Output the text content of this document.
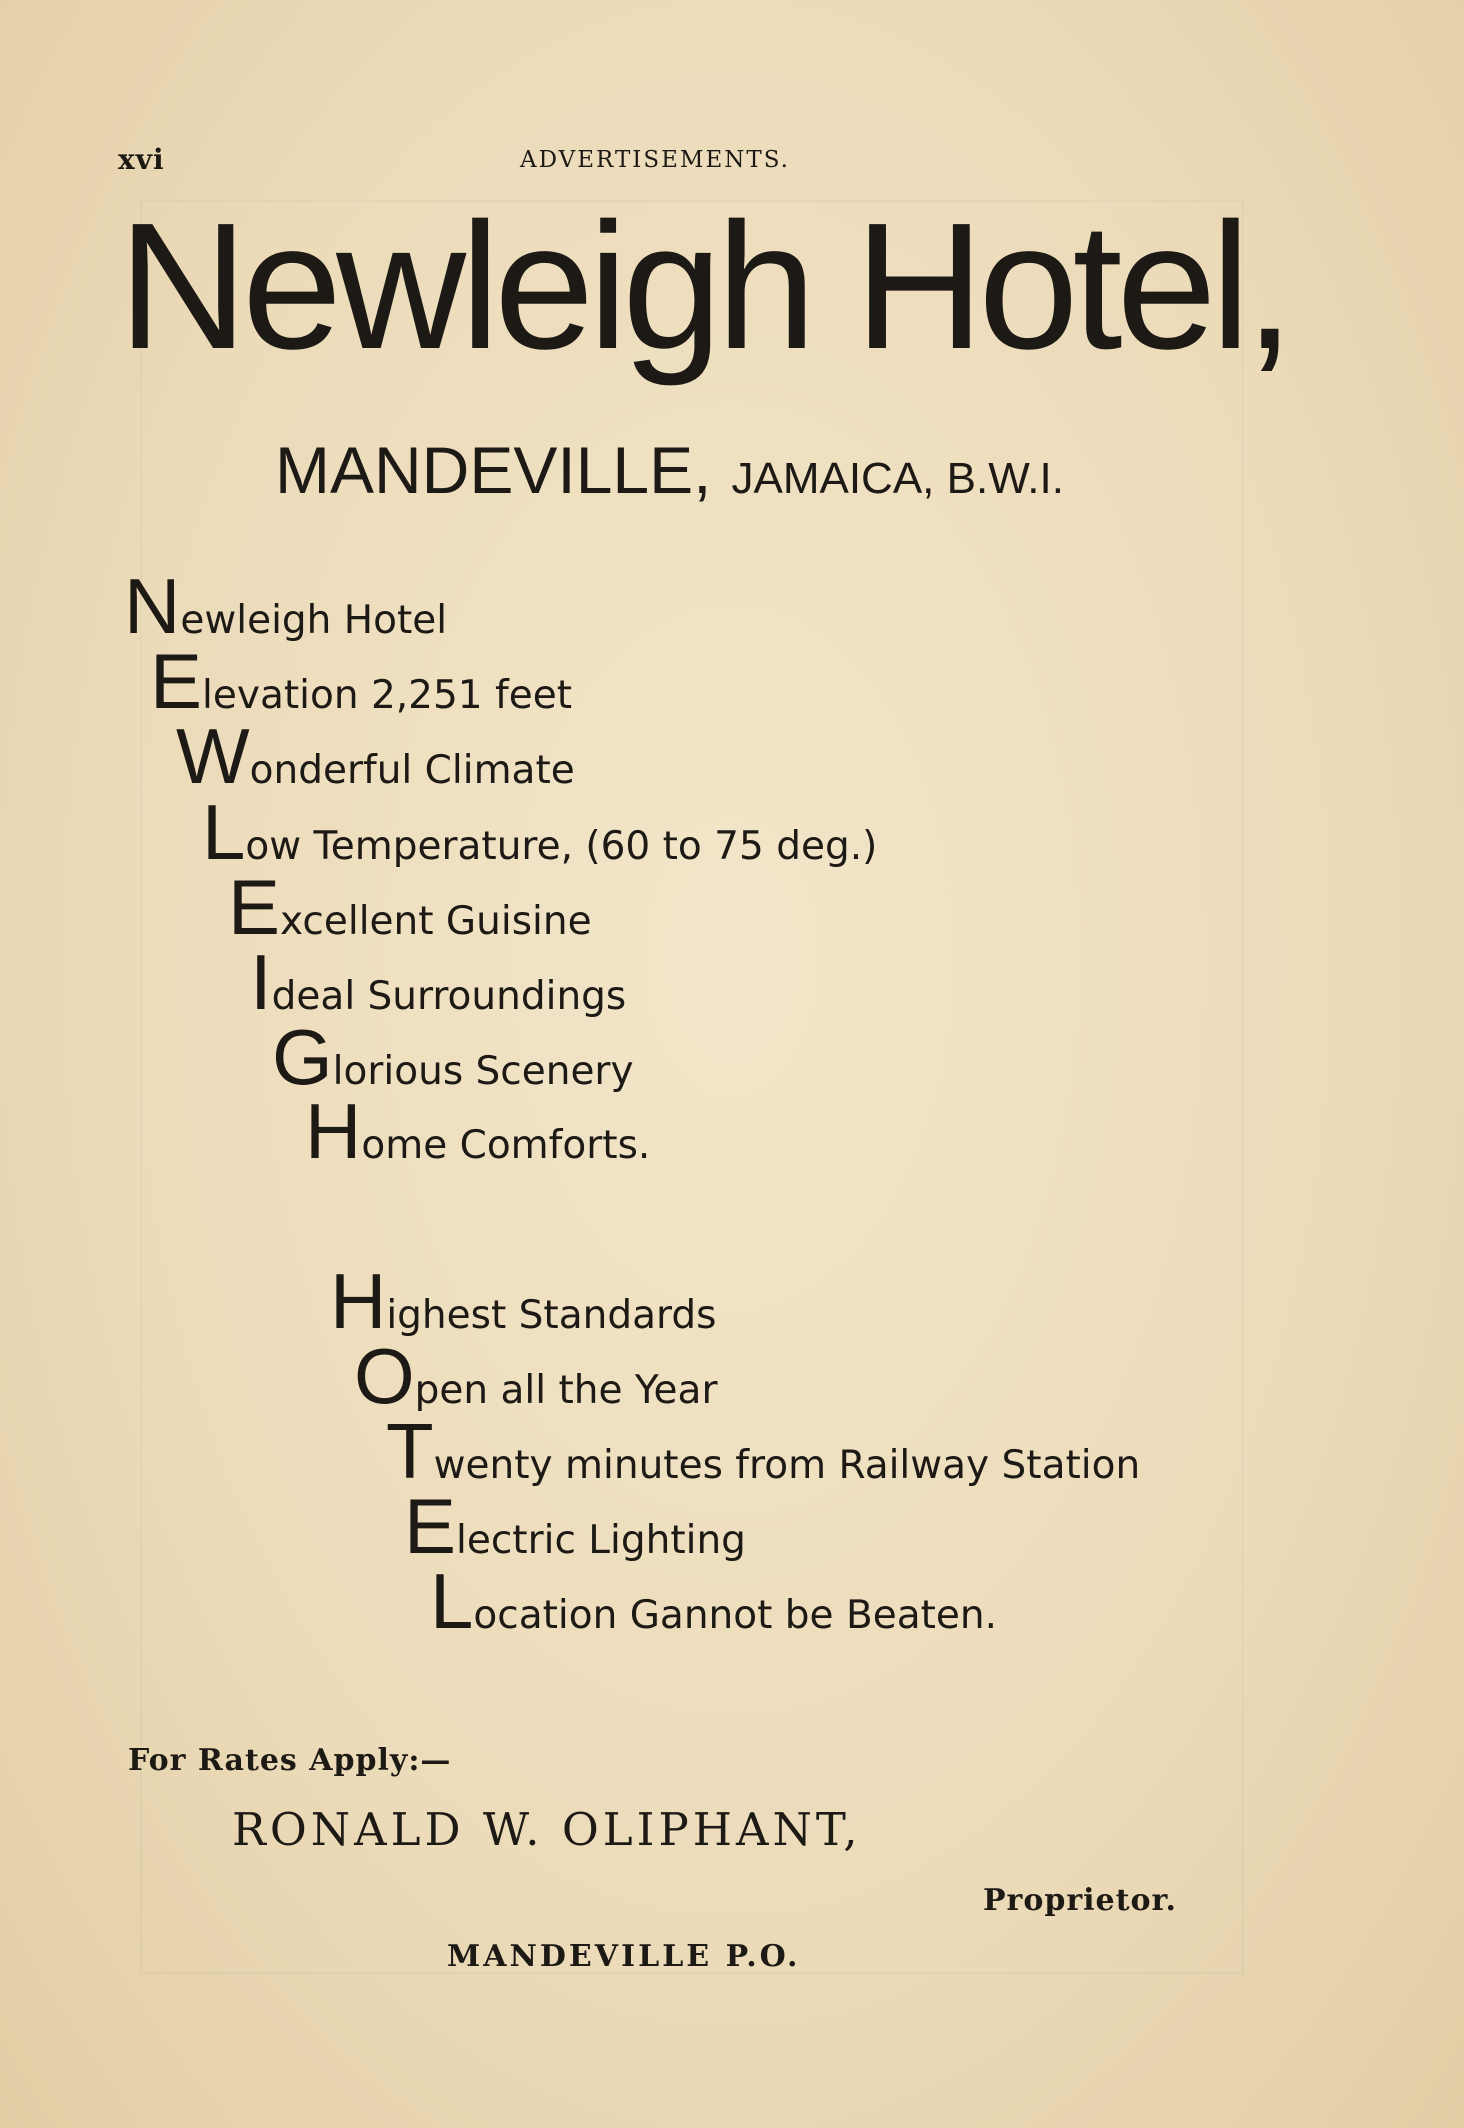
xvi	ADVERTISEMENTS.
Newleigh Hotel,
MANDEVILLE, JAMAICA, B.W.I.
Newleigh Hotel
Elevation 2,251 feet
Wonderful Climate
Low Temperature, (60 to 75 deg.)
Excellent Guisine
Ideal Surroundings
Glorious Scenery
Home Comforts.
Highest Standards
Open all the Year
Twenty minutes from Railway Station
Electric Lighting
Location Gannot be Beaten.
For Rates Apply:—
RONALD W. OLIPHANT,
Proprietor.
MANDEVILLE P.O.
